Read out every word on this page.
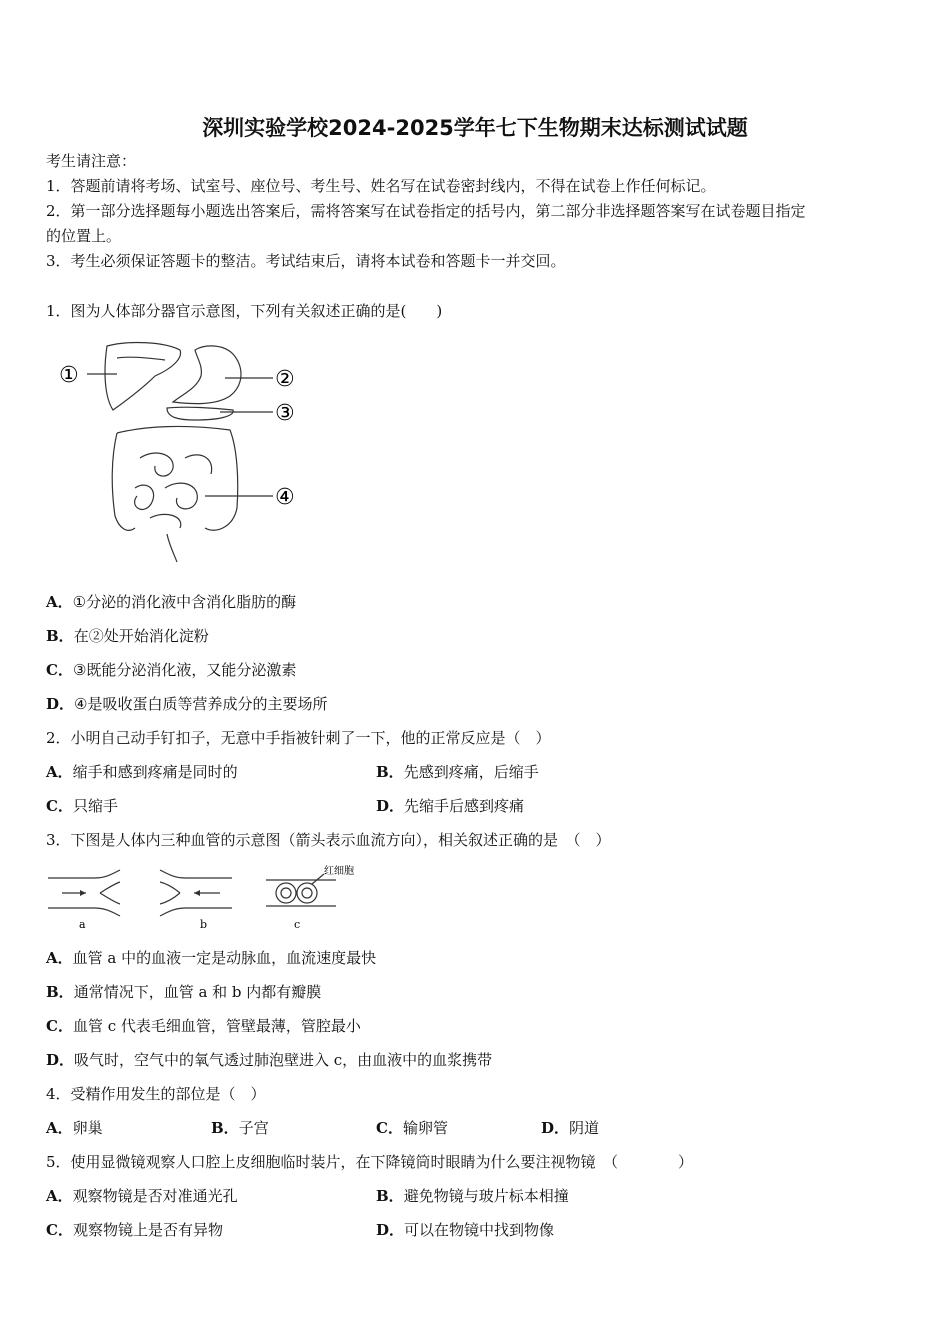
深圳实验学校2024-2025学年七下生物期末达标测试试题
考生请注意：
1．答题前请将考场、试室号、座位号、考生号、姓名写在试卷密封线内，不得在试卷上作任何标记。
2．第一部分选择题每小题选出答案后，需将答案写在试卷指定的括号内，第二部分非选择题答案写在试卷题目指定
的位置上。
3．考生必须保证答题卡的整洁。考试结束后，请将本试卷和答题卡一并交回。
1．图为人体部分器官示意图，下列有关叙述正确的是(　　)
①	②
③
④
A．①分泌的消化液中含消化脂肪的酶
B．在②处开始消化淀粉
C．③既能分泌消化液，又能分泌激素
D．④是吸收蛋白质等营养成分的主要场所
2．小明自己动手钉扣子，无意中手指被针刺了一下，他的正常反应是（　）
A．缩手和感到疼痛是同时的	B．先感到疼痛，后缩手
C．只缩手	D．先缩手后感到疼痛
3．下图是人体内三种血管的示意图（箭头表示血流方向），相关叙述正确的是　（　）
红细胞
a	b	c
A．血管 a 中的血液一定是动脉血，血流速度最快
B．通常情况下，血管 a 和 b 内都有瓣膜
C．血管 c 代表毛细血管，管壁最薄，管腔最小
D．吸气时，空气中的氧气透过肺泡壁进入 c，由血液中的血浆携带
4．受精作用发生的部位是（　）
A．卵巢	B．子宫	C．输卵管	D．阴道
5．使用显微镜观察人口腔上皮细胞临时装片，在下降镜筒时眼睛为什么要注视物镜　（　　　　）
A．观察物镜是否对准通光孔	B．避免物镜与玻片标本相撞
C．观察物镜上是否有异物	D．可以在物镜中找到物像
